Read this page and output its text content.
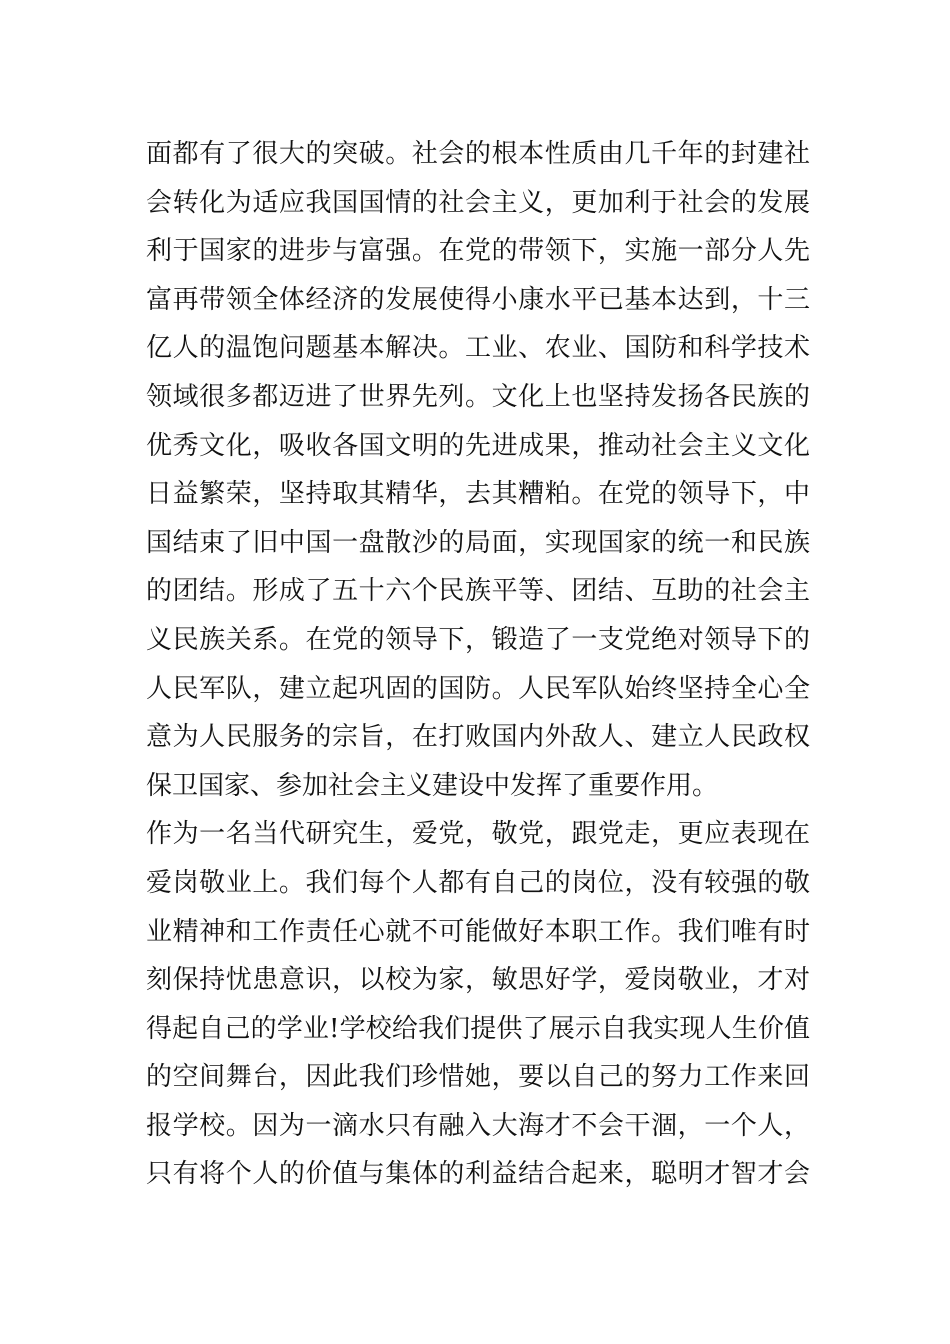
面都有了很大的突破。社会的根本性质由几千年的封建社
会转化为适应我国国情的社会主义，更加利于社会的发展
利于国家的进步与富强。在党的带领下，实施一部分人先
富再带领全体经济的发展使得小康水平已基本达到，十三
亿人的温饱问题基本解决。工业、农业、国防和科学技术
领域很多都迈进了世界先列。文化上也坚持发扬各民族的
优秀文化，吸收各国文明的先进成果，推动社会主义文化
日益繁荣，坚持取其精华，去其糟粕。在党的领导下，中
国结束了旧中国一盘散沙的局面，实现国家的统一和民族
的团结。形成了五十六个民族平等、团结、互助的社会主
义民族关系。在党的领导下，锻造了一支党绝对领导下的
人民军队，建立起巩固的国防。人民军队始终坚持全心全
意为人民服务的宗旨，在打败国内外敌人、建立人民政权
保卫国家、参加社会主义建设中发挥了重要作用。
作为一名当代研究生，爱党，敬党，跟党走，更应表现在
爱岗敬业上。我们每个人都有自己的岗位，没有较强的敬
业精神和工作责任心就不可能做好本职工作。我们唯有时
刻保持忧患意识，以校为家，敏思好学，爱岗敬业，才对
得起自己的学业!学校给我们提供了展示自我实现人生价值
的空间舞台，因此我们珍惜她，要以自己的努力工作来回
报学校。因为一滴水只有融入大海才不会干涸，一个人，
只有将个人的价值与集体的利益结合起来，聪明才智才会
